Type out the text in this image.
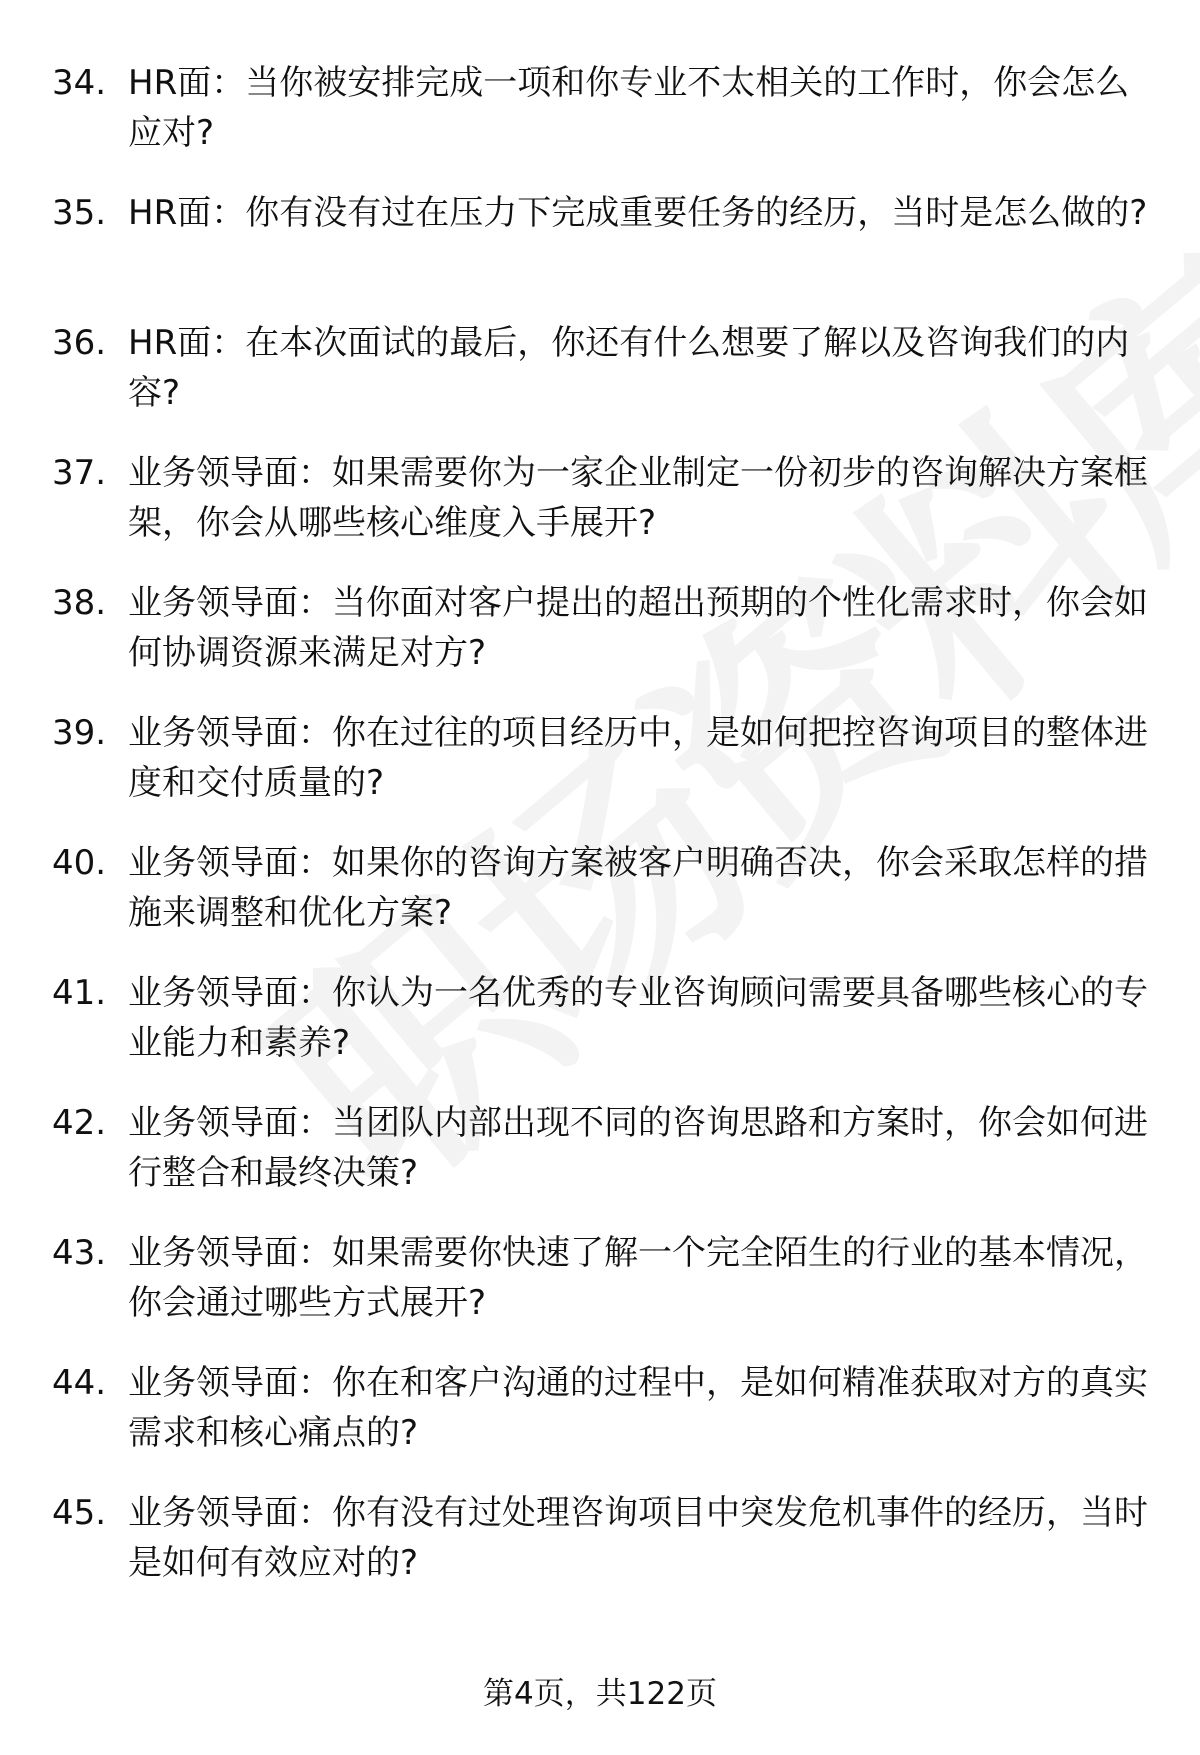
34. HR面：当你被安排完成一项和你专业不太相关的工作时，你会怎么应对?
35. HR面：你有没有过在压力下完成重要任务的经历，当时是怎么做的?
36. HR面：在本次面试的最后，你还有什么想要了解以及咨询我们的内容?
37. 业务领导面：如果需要你为一家企业制定一份初步的咨询解决方案框架，你会从哪些核心维度入手展开?
38. 业务领导面：当你面对客户提出的超出预期的个性化需求时，你会如何协调资源来满足对方?
39. 业务领导面：你在过往的项目经历中，是如何把控咨询项目的整体进度和交付质量的?
40. 业务领导面：如果你的咨询方案被客户明确否决，你会采取怎样的措施来调整和优化方案?
41. 业务领导面：你认为一名优秀的专业咨询顾问需要具备哪些核心的专业能力和素养?
42. 业务领导面：当团队内部出现不同的咨询思路和方案时，你会如何进行整合和最终决策?
43. 业务领导面：如果需要你快速了解一个完全陌生的行业的基本情况，你会通过哪些方式展开?
44. 业务领导面：你在和客户沟通的过程中，是如何精准获取对方的真实需求和核心痛点的?
45. 业务领导面：你有没有过处理咨询项目中突发危机事件的经历，当时是如何有效应对的?
第4页，共122页
